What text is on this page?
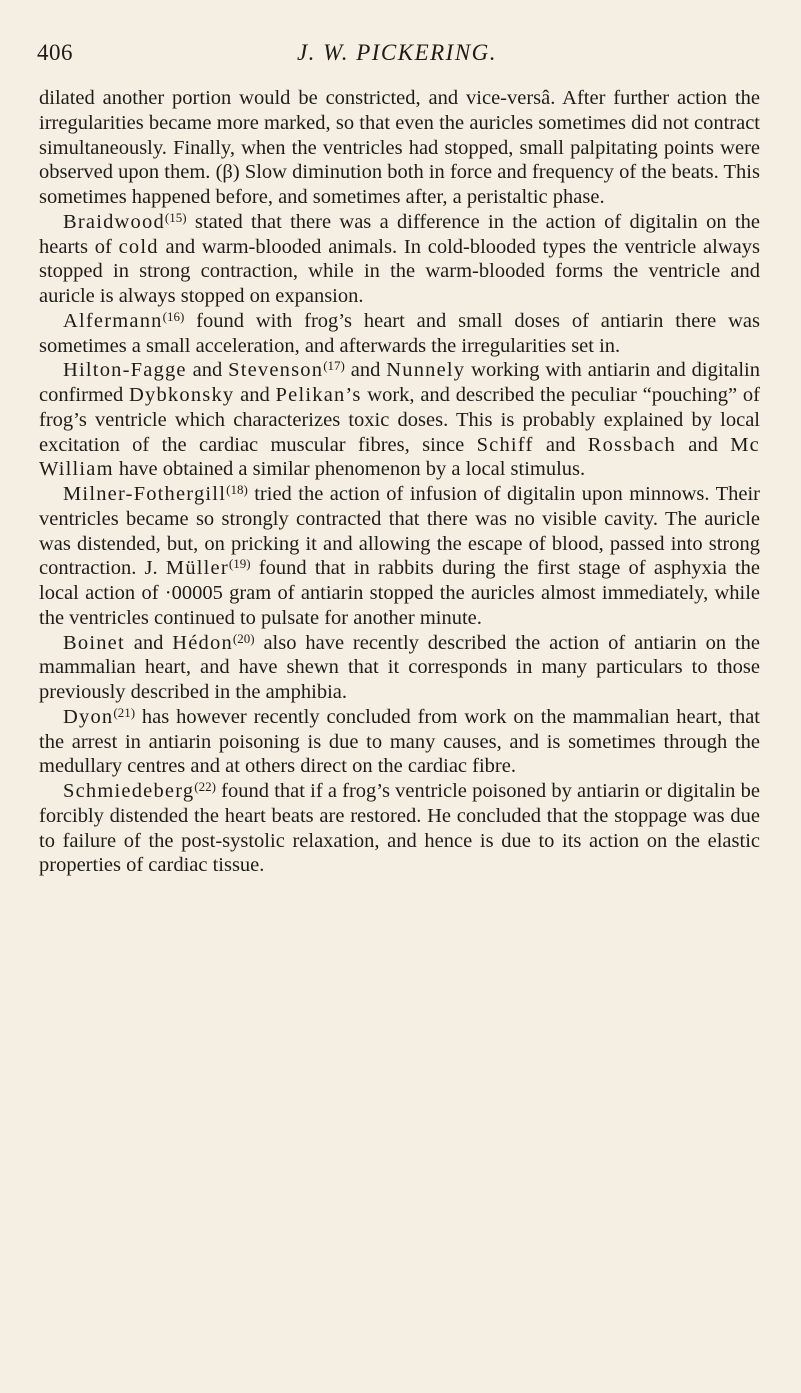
406	J. W. PICKERING.

dilated another portion would be constricted, and vice-versâ. After further action the irregularities became more marked, so that even the auricles sometimes did not contract simultaneously. Finally, when the ventricles had stopped, small palpitating points were observed upon them. (β) Slow diminution both in force and frequency of the beats. This sometimes happened before, and sometimes after, a peristaltic phase.

Braidwood$^{(15)}$ stated that there was a difference in the action of digitalin on the hearts of cold and warm-blooded animals. In cold-blooded types the ventricle always stopped in strong contraction, while in the warm-blooded forms the ventricle and auricle is always stopped on expansion.

Alfermann$^{(16)}$ found with frog’s heart and small doses of antiarin there was sometimes a small acceleration, and afterwards the irregularities set in.

Hilton-Fagge and Stevenson$^{(17)}$ and Nunnely working with antiarin and digitalin confirmed Dybkonsky and Pelikan’s work, and described the peculiar “pouching” of frog’s ventricle which characterizes toxic doses. This is probably explained by local excitation of the cardiac muscular fibres, since Schiff and Rossbach and Mc William have obtained a similar phenomenon by a local stimulus.

Milner-Fothergill$^{(18)}$ tried the action of infusion of digitalin upon minnows. Their ventricles became so strongly contracted that there was no visible cavity. The auricle was distended, but, on pricking it and allowing the escape of blood, passed into strong contraction. J. Müller$^{(19)}$ found that in rabbits during the first stage of asphyxia the local action of ·00005 gram of antiarin stopped the auricles almost immediately, while the ventricles continued to pulsate for another minute.

Boinet and Hédon$^{(20)}$ also have recently described the action of antiarin on the mammalian heart, and have shewn that it corresponds in many particulars to those previously described in the amphibia.

Dyon$^{(21)}$ has however recently concluded from work on the mammalian heart, that the arrest in antiarin poisoning is due to many causes, and is sometimes through the medullary centres and at others direct on the cardiac fibre.

Schmiedeberg$^{(22)}$ found that if a frog’s ventricle poisoned by antiarin or digitalin be forcibly distended the heart beats are restored. He concluded that the stoppage was due to failure of the post-systolic relaxation, and hence is due to its action on the elastic properties of cardiac tissue.
